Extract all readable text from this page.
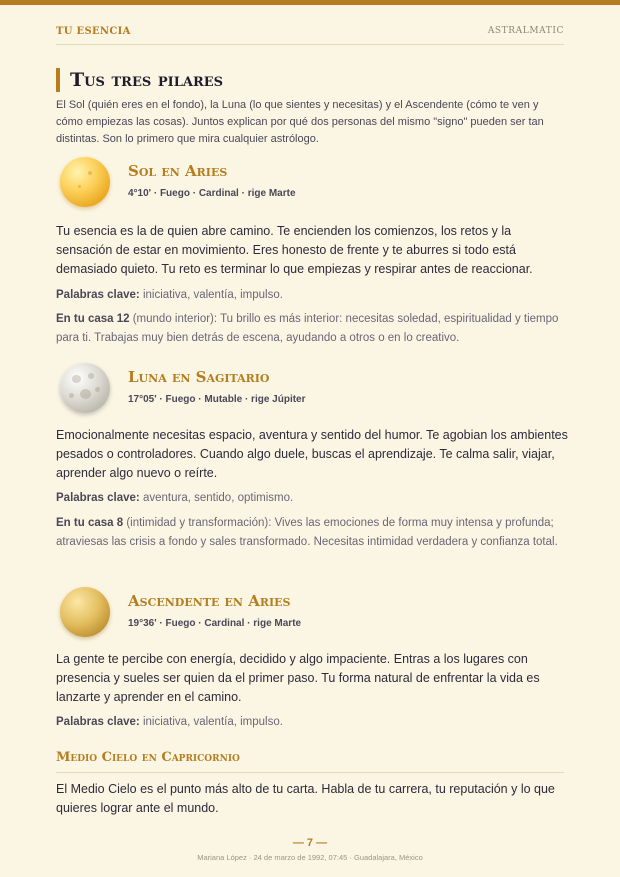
TU ESENCIA	ASTRALMATIC
Tus tres pilares
El Sol (quién eres en el fondo), la Luna (lo que sientes y necesitas) y el Ascendente (cómo te ven y cómo empiezas las cosas). Juntos explican por qué dos personas del mismo "signo" pueden ser tan distintas. Son lo primero que mira cualquier astrólogo.
Sol en Aries
4°10' · Fuego · Cardinal · rige Marte
Tu esencia es la de quien abre camino. Te encienden los comienzos, los retos y la sensación de estar en movimiento. Eres honesto de frente y te aburres si todo está demasiado quieto. Tu reto es terminar lo que empiezas y respirar antes de reaccionar.
Palabras clave: iniciativa, valentía, impulso.
En tu casa 12 (mundo interior): Tu brillo es más interior: necesitas soledad, espiritualidad y tiempo para ti. Trabajas muy bien detrás de escena, ayudando a otros o en lo creativo.
Luna en Sagitario
17°05' · Fuego · Mutable · rige Júpiter
Emocionalmente necesitas espacio, aventura y sentido del humor. Te agobian los ambientes pesados o controladores. Cuando algo duele, buscas el aprendizaje. Te calma salir, viajar, aprender algo nuevo o reírte.
Palabras clave: aventura, sentido, optimismo.
En tu casa 8 (intimidad y transformación): Vives las emociones de forma muy intensa y profunda; atraviesas las crisis a fondo y sales transformado. Necesitas intimidad verdadera y confianza total.
Ascendente en Aries
19°36' · Fuego · Cardinal · rige Marte
La gente te percibe con energía, decidido y algo impaciente. Entras a los lugares con presencia y sueles ser quien da el primer paso. Tu forma natural de enfrentar la vida es lanzarte y aprender en el camino.
Palabras clave: iniciativa, valentía, impulso.
Medio Cielo en Capricornio
El Medio Cielo es el punto más alto de tu carta. Habla de tu carrera, tu reputación y lo que quieres lograr ante el mundo.
— 7 —
Mariana López · 24 de marzo de 1992, 07:45 · Guadalajara, México
